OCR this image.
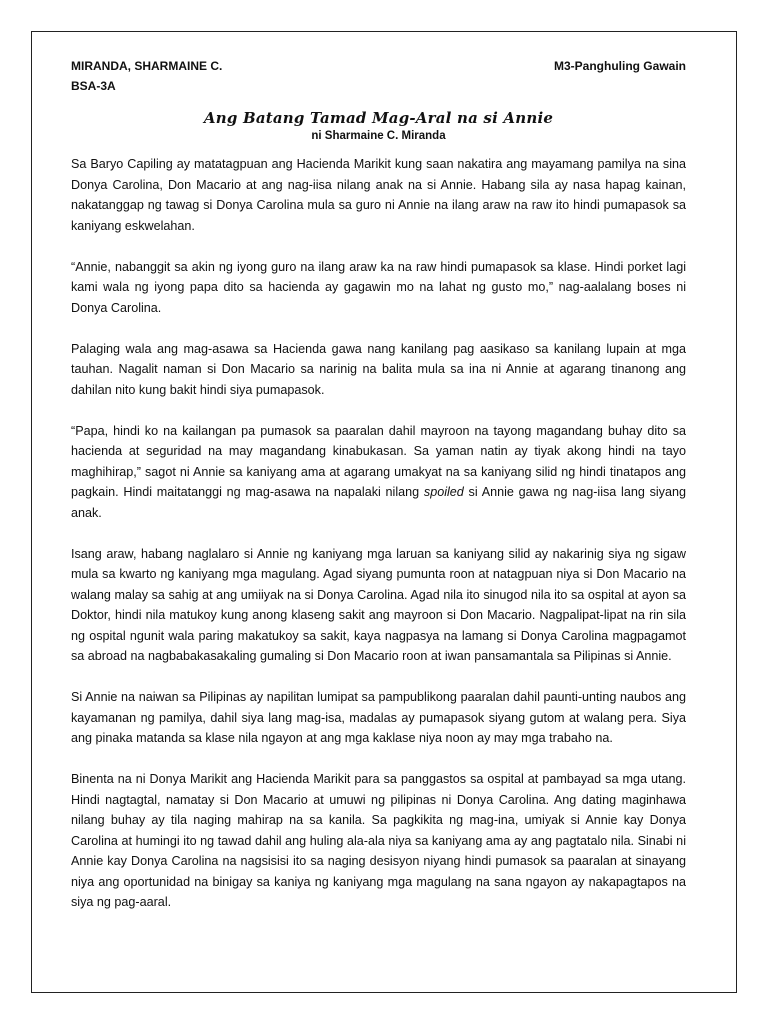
MIRANDA, SHARMAINE C.
BSA-3A
M3-Panghuling Gawain
Ang Batang Tamad Mag-Aral na si Annie
ni Sharmaine C. Miranda

Sa Baryo Capiling ay matatagpuan ang Hacienda Marikit kung saan nakatira ang mayamang pamilya na sina Donya Carolina, Don Macario at ang nag-iisa nilang anak na si Annie. Habang sila ay nasa hapag kainan, nakatanggap ng tawag si Donya Carolina mula sa guro ni Annie na ilang araw na raw ito hindi pumapasok sa kaniyang eskwelahan.

“Annie, nabanggit sa akin ng iyong guro na ilang araw ka na raw hindi pumapasok sa klase. Hindi porket lagi kami wala ng iyong papa dito sa hacienda ay gagawin mo na lahat ng gusto mo,” nag-aalalang boses ni Donya Carolina.

Palaging wala ang mag-asawa sa Hacienda gawa nang kanilang pag aasikaso sa kanilang lupain at mga tauhan. Nagalit naman si Don Macario sa narinig na balita mula sa ina ni Annie at agarang tinanong ang dahilan nito kung bakit hindi siya pumapasok.

“Papa, hindi ko na kailangan pa pumasok sa paaralan dahil mayroon na tayong magandang buhay dito sa hacienda at seguridad na may magandang kinabukasan. Sa yaman natin ay tiyak akong hindi na tayo maghihirap,” sagot ni Annie sa kaniyang ama at agarang umakyat na sa kaniyang silid ng hindi tinatapos ang pagkain. Hindi maitatanggi ng mag-asawa na napalaki nilang spoiled si Annie gawa ng nag-iisa lang siyang anak.

Isang araw, habang naglalaro si Annie ng kaniyang mga laruan sa kaniyang silid ay nakarinig siya ng sigaw mula sa kwarto ng kaniyang mga magulang. Agad siyang pumunta roon at natagpuan niya si Don Macario na walang malay sa sahig at ang umiiyak na si Donya Carolina. Agad nila ito sinugod nila ito sa ospital at ayon sa Doktor, hindi nila matukoy kung anong klaseng sakit ang mayroon si Don Macario. Nagpalipat-lipat na rin sila ng ospital ngunit wala paring makatukoy sa sakit, kaya nagpasya na lamang si Donya Carolina magpagamot sa abroad na nagbabakasakaling gumaling si Don Macario roon at iwan pansamantala sa Pilipinas si Annie.

Si Annie na naiwan sa Pilipinas ay napilitan lumipat sa pampublikong paaralan dahil paunti-unting naubos ang kayamanan ng pamilya, dahil siya lang mag-isa, madalas ay pumapasok siyang gutom at walang pera. Siya ang pinaka matanda sa klase nila ngayon at ang mga kaklase niya noon ay may mga trabaho na.

Binenta na ni Donya Marikit ang Hacienda Marikit para sa panggastos sa ospital at pambayad sa mga utang. Hindi nagtagtal, namatay si Don Macario at umuwi ng pilipinas ni Donya Carolina. Ang dating maginhawa nilang buhay ay tila naging mahirap na sa kanila. Sa pagkikita ng mag-ina, umiyak si Annie kay Donya Carolina at humingi ito ng tawad dahil ang huling ala-ala niya sa kaniyang ama ay ang pagtatalo nila. Sinabi ni Annie kay Donya Carolina na nagsisisi ito sa naging desisyon niyang hindi pumasok sa paaralan at sinayang niya ang oportunidad na binigay sa kaniya ng kaniyang mga magulang na sana ngayon ay nakapagtapos na siya ng pag-aaral.
